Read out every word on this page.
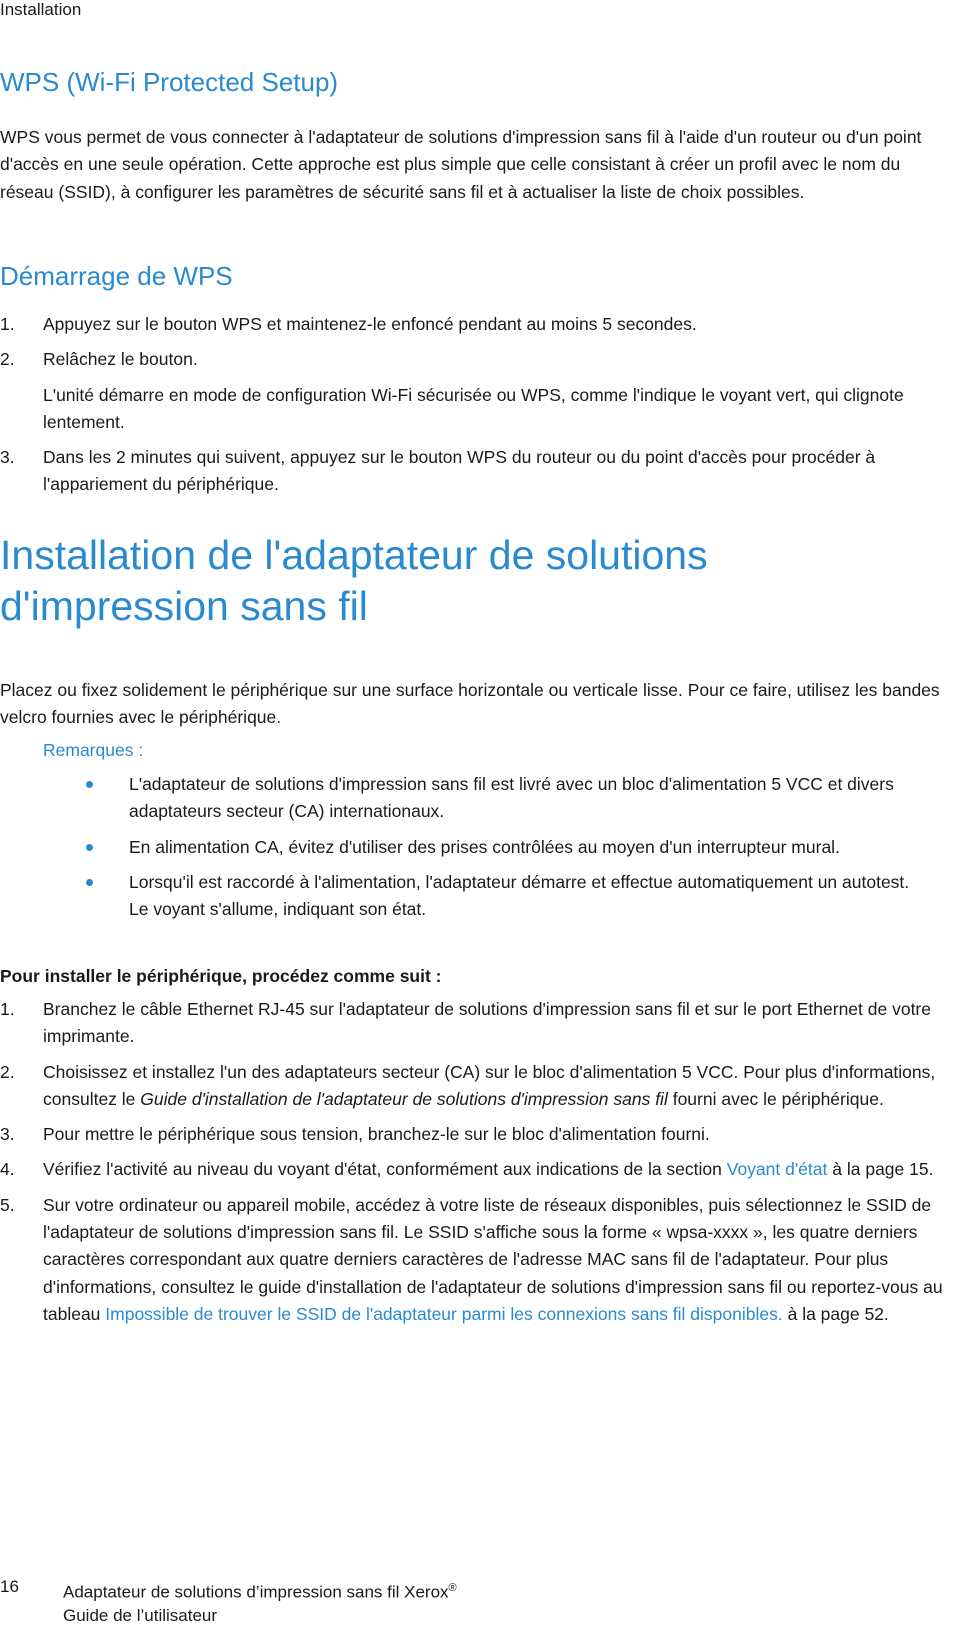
Installation
WPS (Wi-Fi Protected Setup)

WPS vous permet de vous connecter à l'adaptateur de solutions d'impression sans fil à l'aide d'un routeur ou d'un point d'accès en une seule opération. Cette approche est plus simple que celle consistant à créer un profil avec le nom du réseau (SSID), à configurer les paramètres de sécurité sans fil et à actualiser la liste de choix possibles.

Démarrage de WPS
1. Appuyez sur le bouton WPS et maintenez-le enfoncé pendant au moins 5 secondes.
2. Relâchez le bouton.
L'unité démarre en mode de configuration Wi-Fi sécurisée ou WPS, comme l'indique le voyant vert, qui clignote lentement.
3. Dans les 2 minutes qui suivent, appuyez sur le bouton WPS du routeur ou du point d'accès pour procéder à l'appariement du périphérique.
Installation de l'adaptateur de solutions d'impression sans fil

Placez ou fixez solidement le périphérique sur une surface horizontale ou verticale lisse. Pour ce faire, utilisez les bandes velcro fournies avec le périphérique.

Remarques :
L'adaptateur de solutions d'impression sans fil est livré avec un bloc d'alimentation 5 VCC et divers adaptateurs secteur (CA) internationaux.
En alimentation CA, évitez d'utiliser des prises contrôlées au moyen d'un interrupteur mural.
Lorsqu'il est raccordé à l'alimentation, l'adaptateur démarre et effectue automatiquement un autotest. Le voyant s'allume, indiquant son état.
Pour installer le périphérique, procédez comme suit :
1. Branchez le câble Ethernet RJ-45 sur l'adaptateur de solutions d'impression sans fil et sur le port Ethernet de votre imprimante.
2. Choisissez et installez l'un des adaptateurs secteur (CA) sur le bloc d'alimentation 5 VCC. Pour plus d'informations, consultez le Guide d'installation de l'adaptateur de solutions d'impression sans fil fourni avec le périphérique.
3. Pour mettre le périphérique sous tension, branchez-le sur le bloc d'alimentation fourni.
4. Vérifiez l'activité au niveau du voyant d'état, conformément aux indications de la section Voyant d'état à la page 15.
5. Sur votre ordinateur ou appareil mobile, accédez à votre liste de réseaux disponibles, puis sélectionnez le SSID de l'adaptateur de solutions d'impression sans fil. Le SSID s'affiche sous la forme « wpsa-xxxx », les quatre derniers caractères correspondant aux quatre derniers caractères de l'adresse MAC sans fil de l'adaptateur. Pour plus d'informations, consultez le guide d'installation de l'adaptateur de solutions d'impression sans fil ou reportez-vous au tableau Impossible de trouver le SSID de l'adaptateur parmi les connexions sans fil disponibles. à la page 52.
16	Adaptateur de solutions d’impression sans fil Xerox®
Guide de l’utilisateur
